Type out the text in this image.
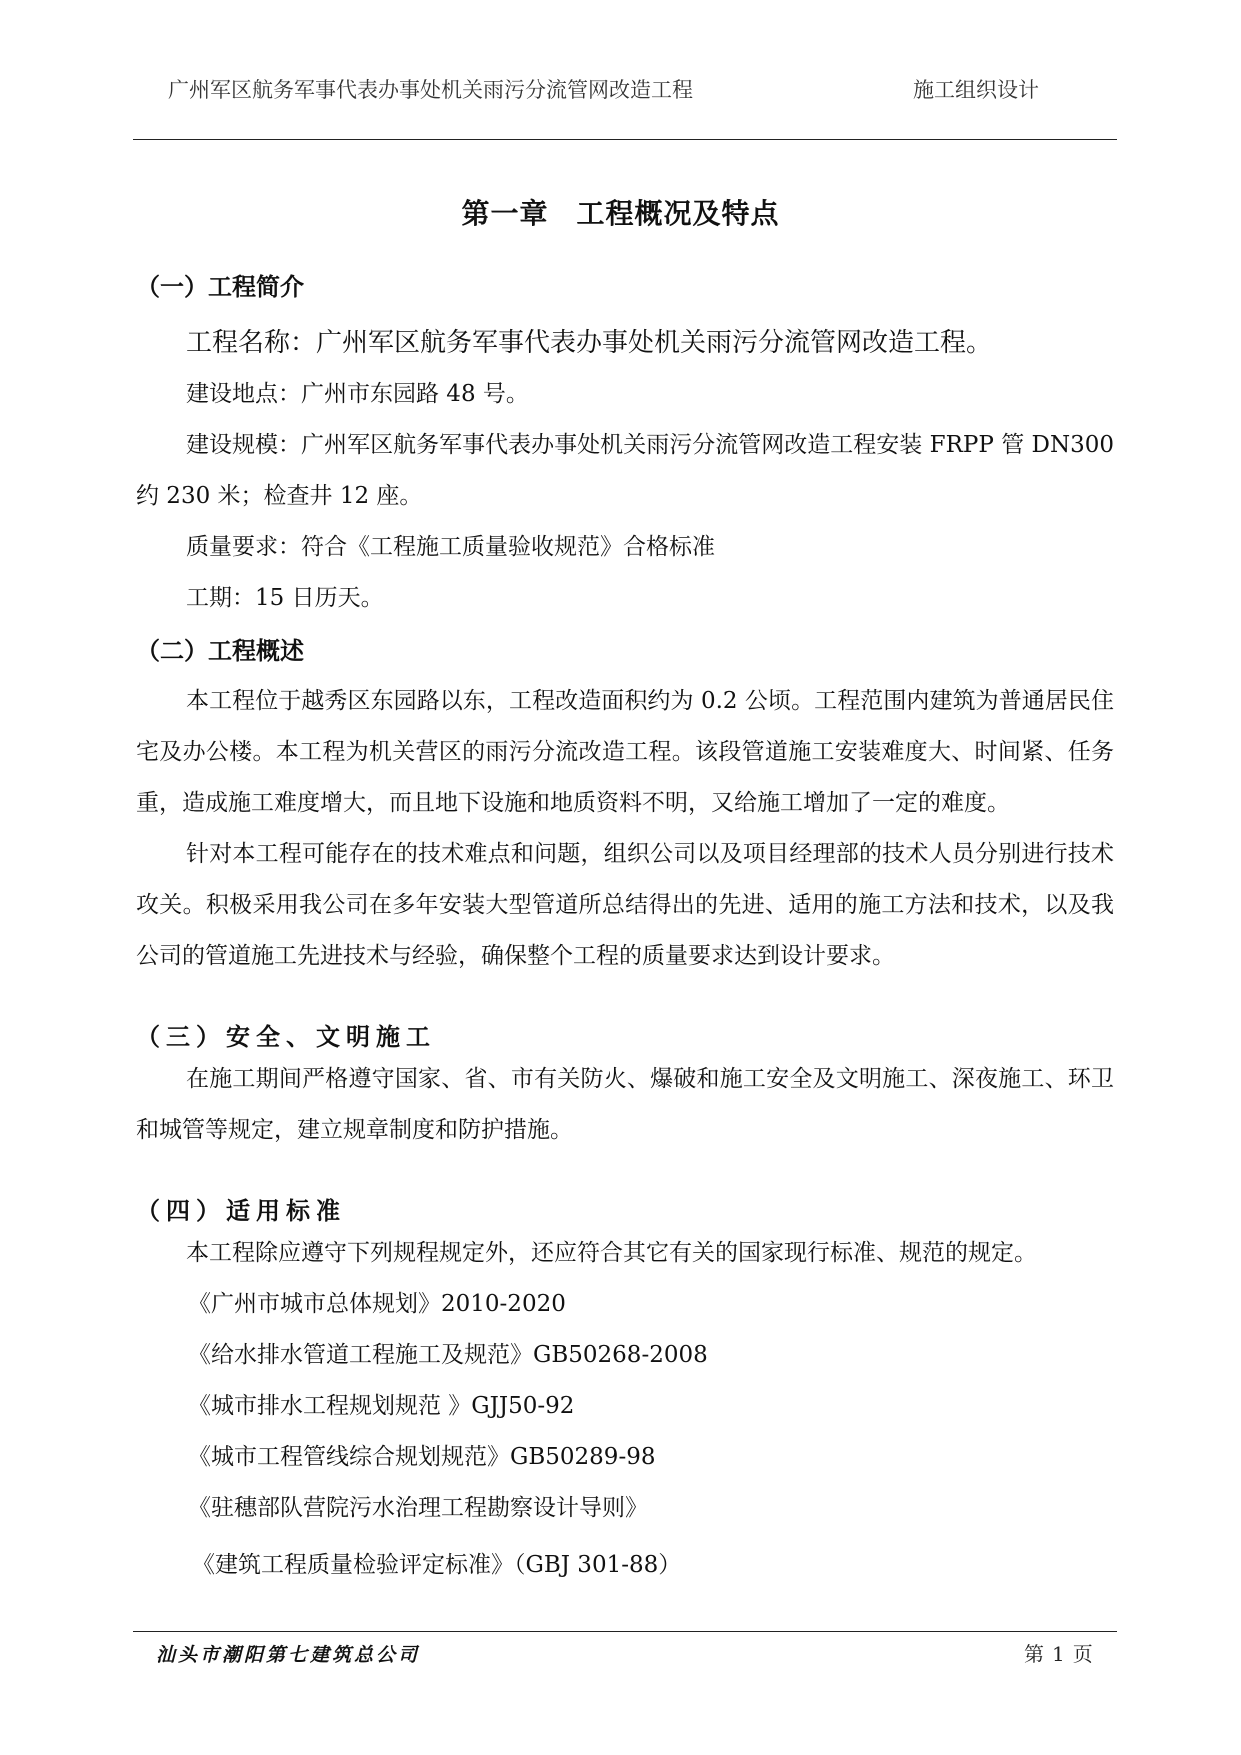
广州军区航务军事代表办事处机关雨污分流管网改造工程	施工组织设计
第一章 工程概况及特点
（一）工程简介

工程名称：广州军区航务军事代表办事处机关雨污分流管网改造工程。

建设地点：广州市东园路 48 号。

建设规模：广州军区航务军事代表办事处机关雨污分流管网改造工程安装 FRPP 管 DN300 约 230 米；检查井 12 座。

质量要求：符合《工程施工质量验收规范》合格标准

工期：15 日历天。

（二）工程概述

本工程位于越秀区东园路以东，工程改造面积约为 0.2 公顷。工程范围内建筑为普通居民住宅及办公楼。本工程为机关营区的雨污分流改造工程。该段管道施工安装难度大、时间紧、任务重，造成施工难度增大，而且地下设施和地质资料不明，又给施工增加了一定的难度。

针对本工程可能存在的技术难点和问题，组织公司以及项目经理部的技术人员分别进行技术攻关。积极采用我公司在多年安装大型管道所总结得出的先进、适用的施工方法和技术，以及我公司的管道施工先进技术与经验，确保整个工程的质量要求达到设计要求。

（三）安全、文明施工

在施工期间严格遵守国家、省、市有关防火、爆破和施工安全及文明施工、深夜施工、环卫和城管等规定，建立规章制度和防护措施。

（四）适用标准

本工程除应遵守下列规程规定外，还应符合其它有关的国家现行标准、规范的规定。

《广州市城市总体规划》2010-2020

《给水排水管道工程施工及规范》GB50268-2008

《城市排水工程规划规范 》GJJ50-92

《城市工程管线综合规划规范》GB50289-98

《驻穗部队营院污水治理工程勘察设计导则》

《建筑工程质量检验评定标准》（GBJ 301-88）

汕头市潮阳第七建筑总公司	第 1 页
